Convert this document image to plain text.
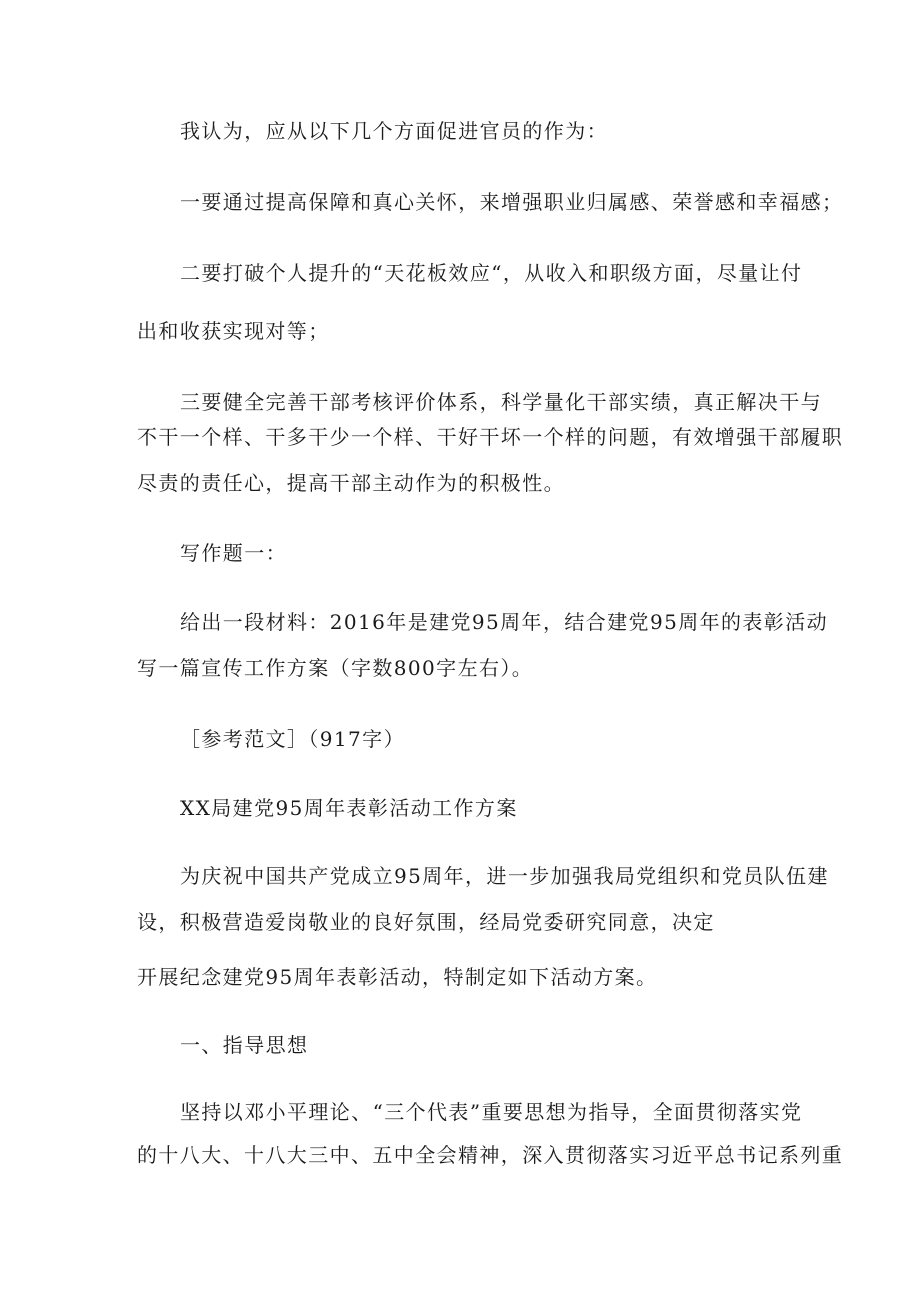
我认为，应从以下几个方面促进官员的作为：
一要通过提高保障和真心关怀，来增强职业归属感、荣誉感和幸福感；
二要打破个人提升的“天花板效应“，从收入和职级方面，尽量让付
出和收获实现对等；
三要健全完善干部考核评价体系，科学量化干部实绩，真正解决干与
不干一个样、干多干少一个样、干好干坏一个样的问题，有效增强干部履职
尽责的责任心，提高干部主动作为的积极性。
写作题一：
给出一段材料：2016年是建党95周年，结合建党95周年的表彰活动
写一篇宣传工作方案（字数800字左右）。
［参考范文］（917字）
XX局建党95周年表彰活动工作方案
为庆祝中国共产党成立95周年，进一步加强我局党组织和党员队伍建
设，积极营造爱岗敬业的良好氛围，经局党委研究同意，决定
开展纪念建党95周年表彰活动，特制定如下活动方案。
一、指导思想
坚持以邓小平理论、“三个代表”重要思想为指导，全面贯彻落实党
的十八大、十八大三中、五中全会精神，深入贯彻落实习近平总书记系列重
